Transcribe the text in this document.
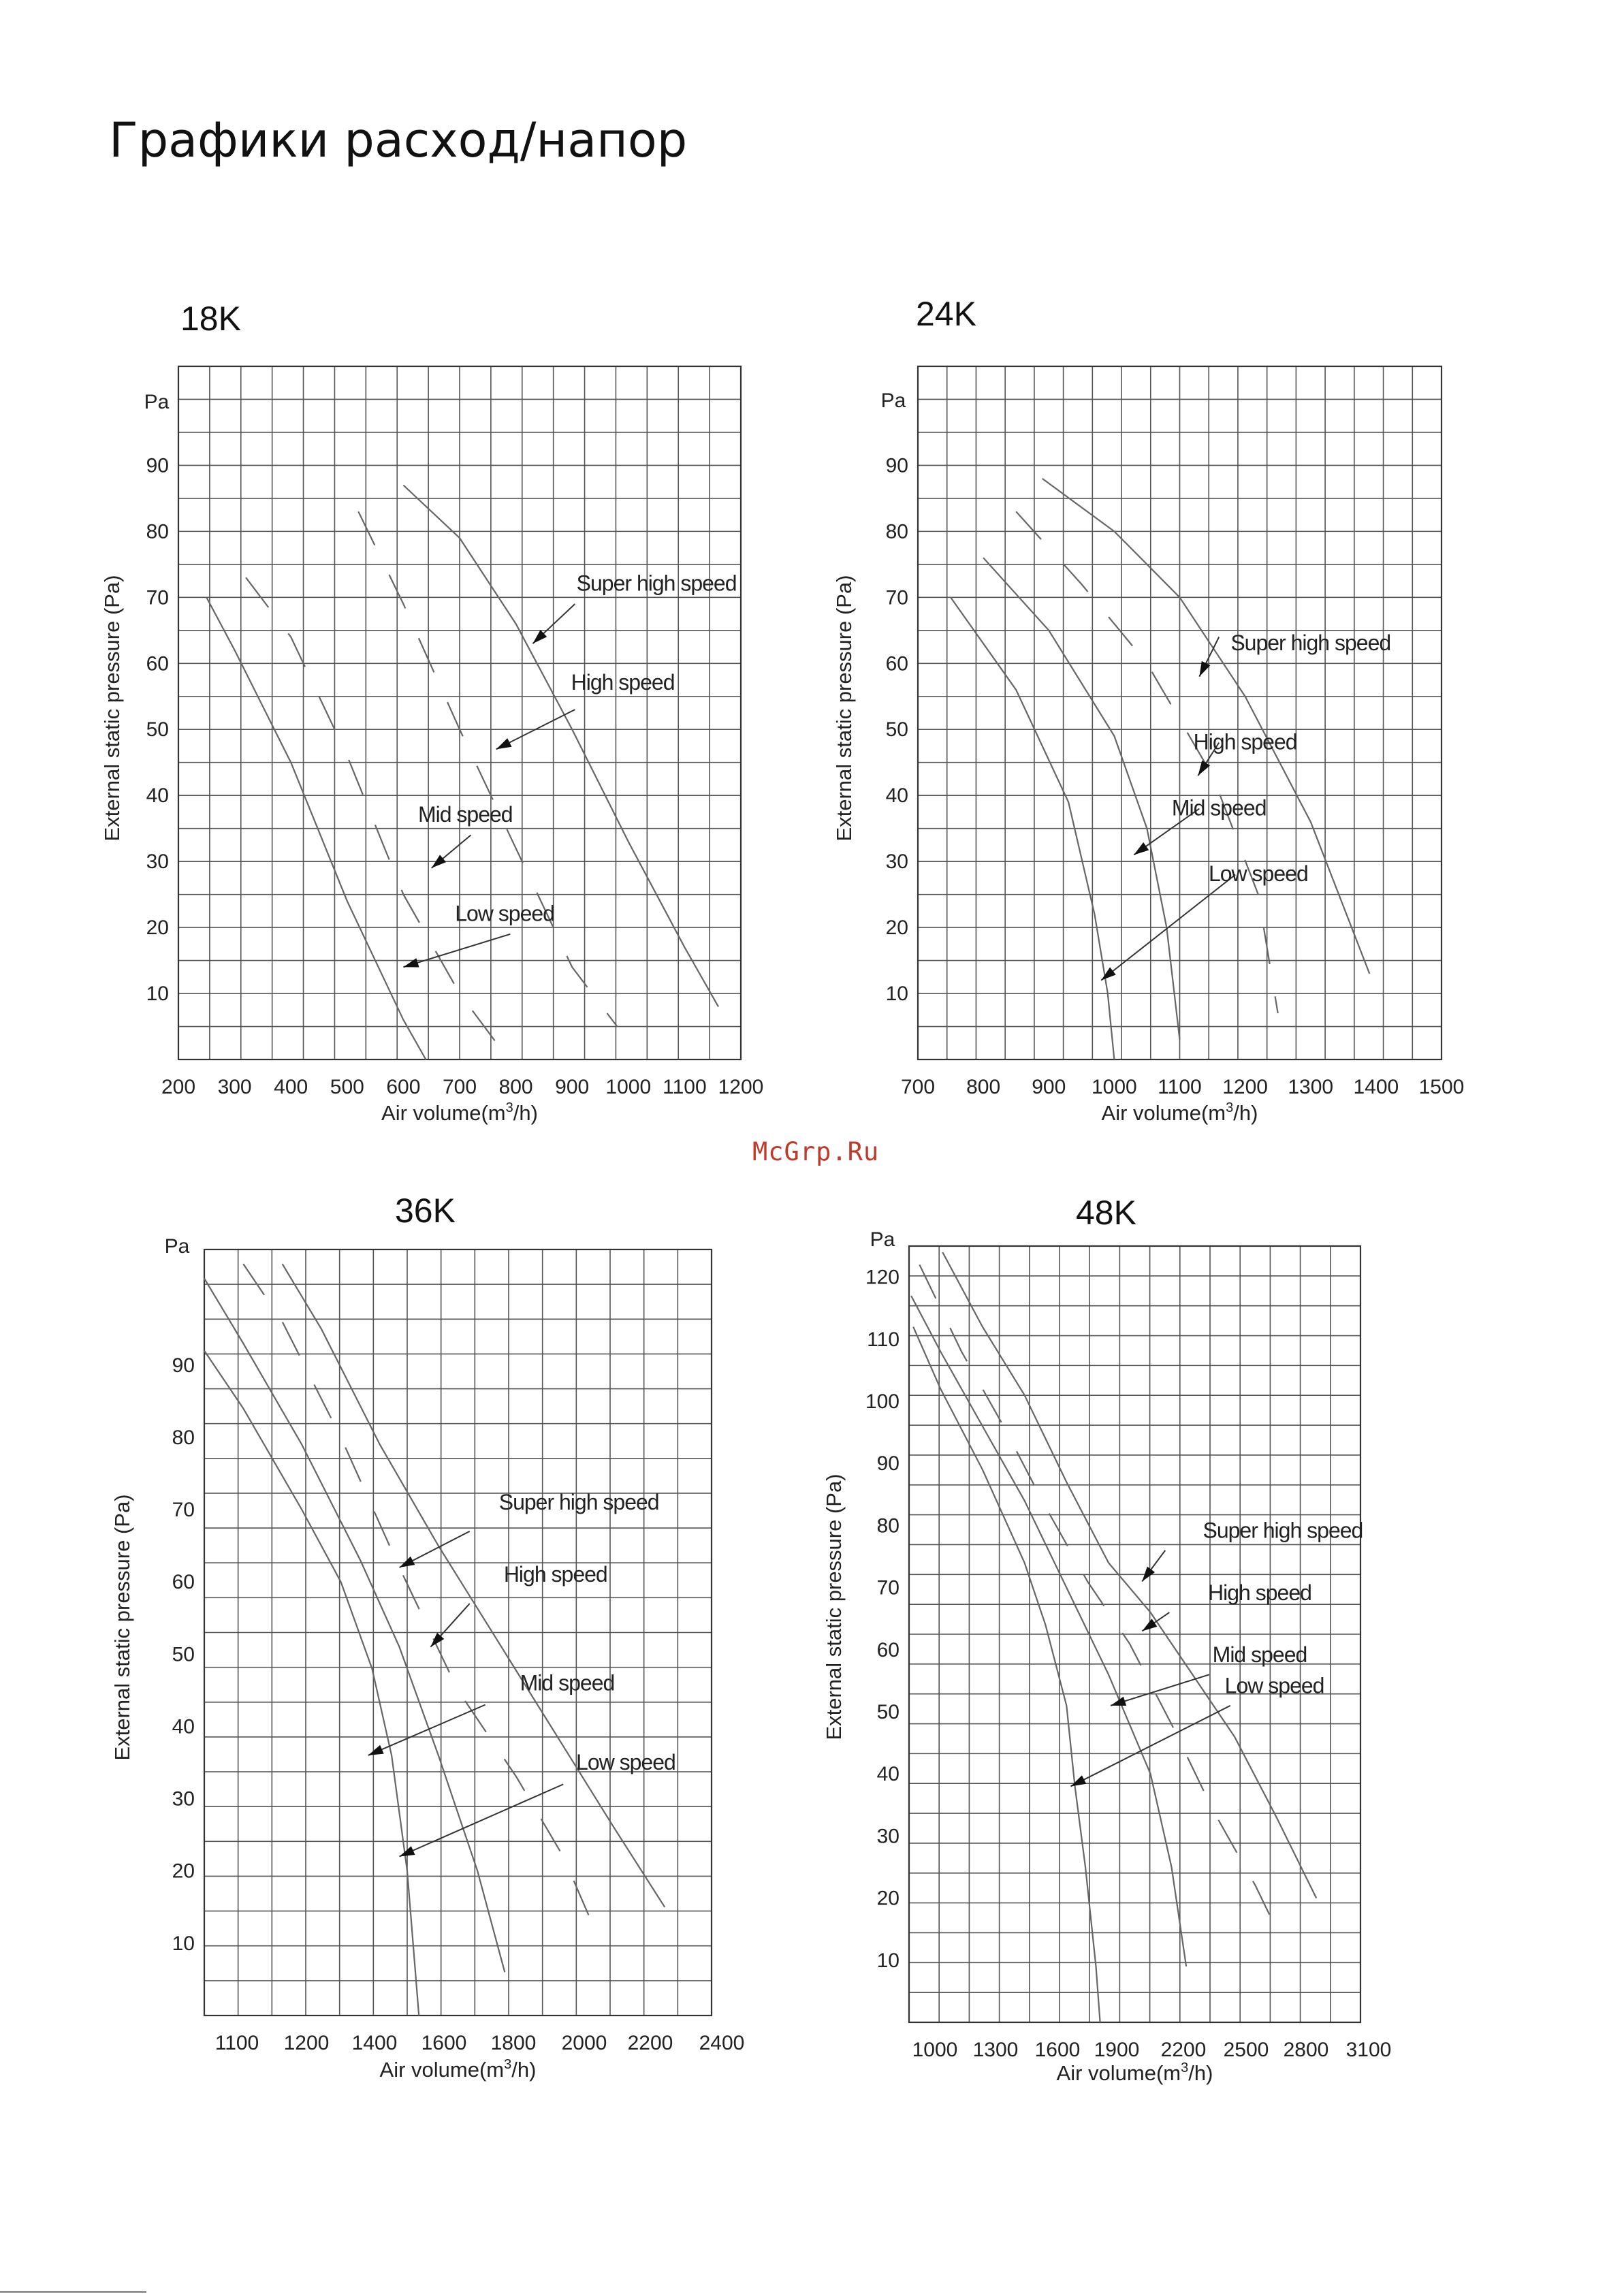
Графики расход/напор
McGrp.Ru
Super high speed
High speed
Mid speed
Low speed
10
20
30
40
50
60
70
80
90
Pa
200 300 400 500 600 700 800 900 1000 1100 1200
Air $volume(m^3/h)$
External static pressure (Pa)
18K
Super high speed
High speed
Mid speed
Low speed
10
20
30
40
50
60
70
80
90
Pa
700 800 900 1000 1100 1200 1300 1400 1500
Air $volume(m^3/h)$
External static pressure (Pa)
24K
Super high speed
High speed
Mid speed
Low speed
10
20
30
40
50
60
70
80
90
Pa
1100 1200 1400 1600 1800 2000 2200 2400
Air $volume(m^3/h)$
External static pressure (Pa)
36K
Super high speed
High speed
Mid speed
Low speed
10
20
30
40
50
60
70
80
90
100
110
120
Pa
1000 1300 1600 1900 2200 2500 2800 3100
Air $volume(m^3/h)$
External static pressure (Pa)
48K
